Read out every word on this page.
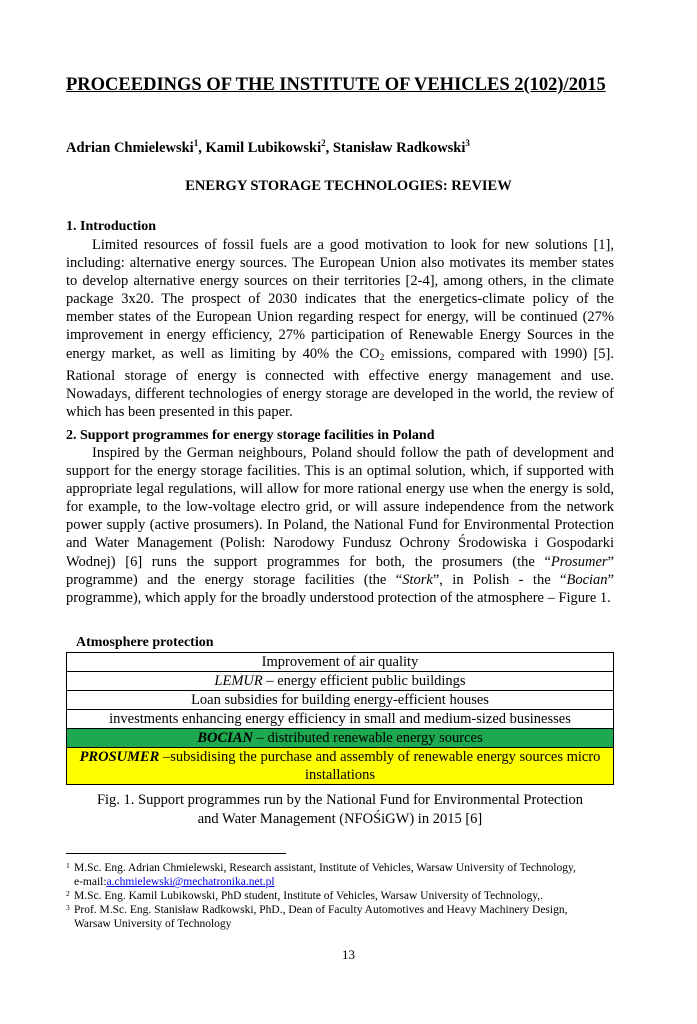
PROCEEDINGS OF THE INSTITUTE OF VEHICLES 2(102)/2015
Adrian Chmielewski$^1$, Kamil Lubikowski$^2$, Stanisław Radkowski$^3$
ENERGY STORAGE TECHNOLOGIES: REVIEW
1. Introduction
Limited resources of fossil fuels are a good motivation to look for new solutions [1], including: alternative energy sources. The European Union also motivates its member states to develop alternative energy sources on their territories [2-4], among others, in the climate package 3x20. The prospect of 2030 indicates that the energetics-climate policy of the member states of the European Union regarding respect for energy, will be continued (27% improvement in energy efficiency, 27% participation of Renewable Energy Sources in the energy market, as well as limiting by 40% the $CO_2$ emissions, compared with 1990) [5]. Rational storage of energy is connected with effective energy management and use. Nowadays, different technologies of energy storage are developed in the world, the review of which has been presented in this paper.
2. Support programmes for energy storage facilities in Poland
Inspired by the German neighbours, Poland should follow the path of development and support for the energy storage facilities. This is an optimal solution, which, if supported with appropriate legal regulations, will allow for more rational energy use when the energy is sold, for example, to the low-voltage electro grid, or will assure independence from the network power supply (active prosumers). In Poland, the National Fund for Environmental Protection and Water Management (Polish: Narodowy Fundusz Ochrony Środowiska i Gospodarki Wodnej) [6] runs the support programmes for both, the prosumers (the “Prosumer” programme) and the energy storage facilities (the “Stork”, in Polish - the “Bocian” programme), which apply for the broadly understood protection of the atmosphere – Figure 1.
Atmosphere protection
Improvement of air quality
LEMUR – energy efficient public buildings
Loan subsidies for building energy-efficient houses
investments enhancing energy efficiency in small and medium-sized businesses
BOCIAN – distributed renewable energy sources
PROSUMER –subsidising the purchase and assembly of renewable energy sources micro installations
Fig. 1. Support programmes run by the National Fund for Environmental Protection
and Water Management (NFOŚiGW) in 2015 [6]
1 M.Sc. Eng. Adrian Chmielewski, Research assistant, Institute of Vehicles, Warsaw University of Technology,
e-mail:a.chmielewski@mechatronika.net.pl
2 M.Sc. Eng. Kamil Lubikowski, PhD student, Institute of Vehicles, Warsaw University of Technology,.
3 Prof. M.Sc. Eng. Stanisław Radkowski, PhD., Dean of Faculty Automotives and Heavy Machinery Design,
Warsaw University of Technology
13
